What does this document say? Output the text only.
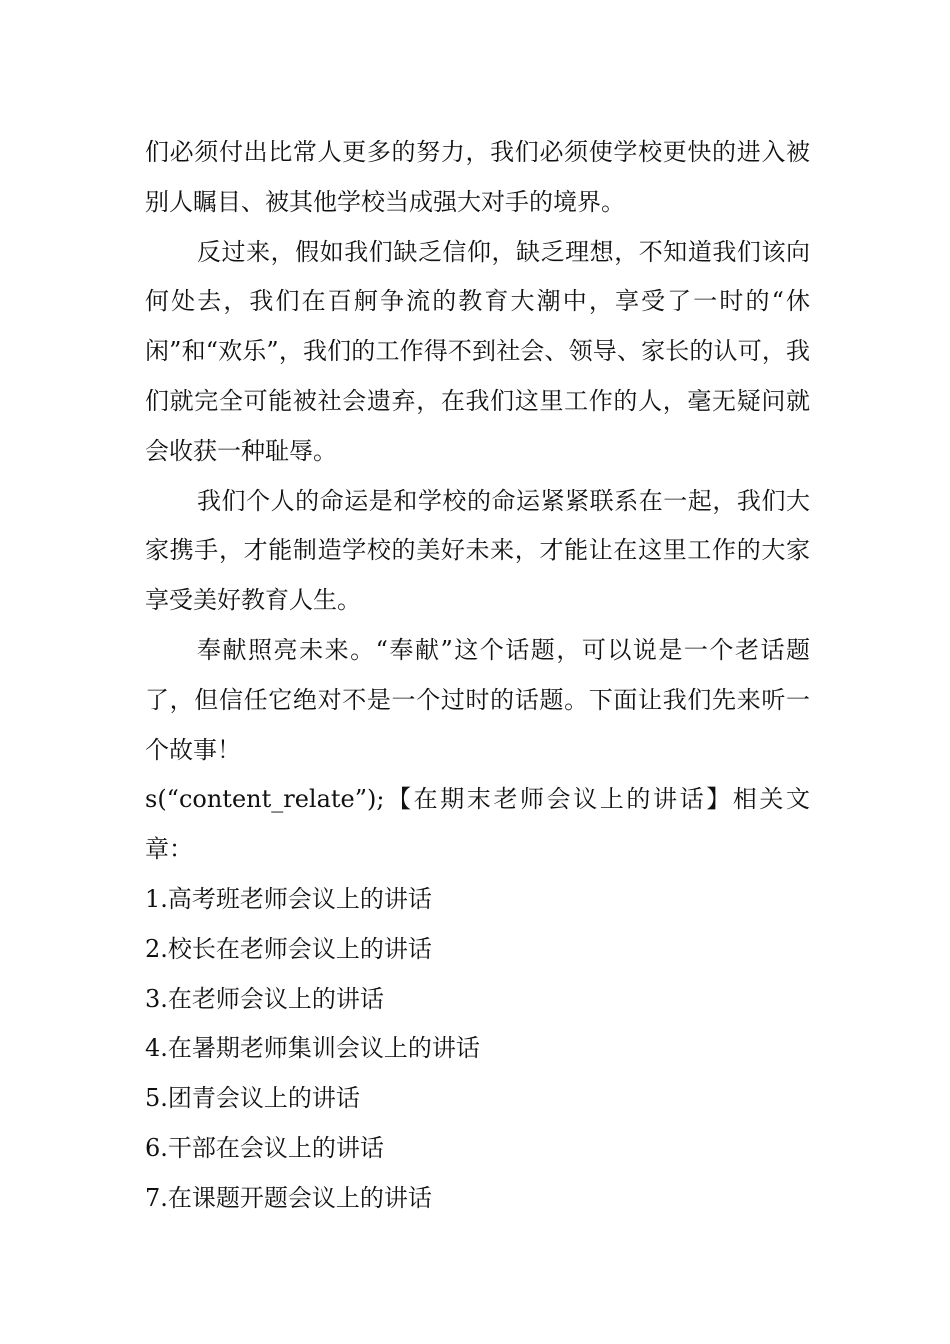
们必须付出比常人更多的努力，我们必须使学校更快的进入被别人瞩目、被其他学校当成强大对手的境界。

反过来，假如我们缺乏信仰，缺乏理想，不知道我们该向何处去，我们在百舸争流的教育大潮中，享受了一时的“休闲”和“欢乐”，我们的工作得不到社会、领导、家长的认可，我们就完全可能被社会遗弃，在我们这里工作的人，毫无疑问就会收获一种耻辱。

我们个人的命运是和学校的命运紧紧联系在一起，我们大家携手，才能制造学校的美好未来，才能让在这里工作的大家享受美好教育人生。

奉献照亮未来。“奉献”这个话题，可以说是一个老话题了，但信任它绝对不是一个过时的话题。下面让我们先来听一个故事！

s(“content_relate”);【在期末老师会议上的讲话】相关文章：

1.高考班老师会议上的讲话
2.校长在老师会议上的讲话
3.在老师会议上的讲话
4.在暑期老师集训会议上的讲话
5.团青会议上的讲话
6.干部在会议上的讲话
7.在课题开题会议上的讲话
